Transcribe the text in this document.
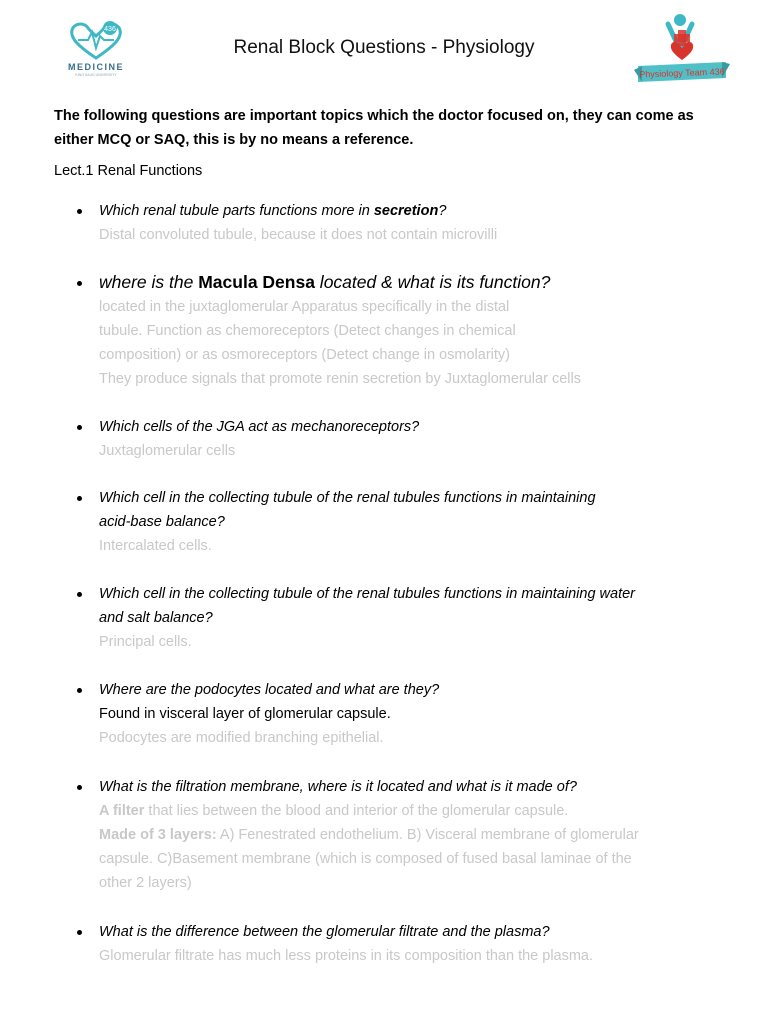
436
MEDICINE
KING SAUD UNIVERSITY
Renal Block Questions - Physiology
Physiology Team 436
The following questions are important topics which the doctor focused on, they can come as either MCQ or SAQ, this is by no means a reference.
Lect.1 Renal Functions
Which renal tubule parts functions more in secretion?
Distal convoluted tubule, because it does not contain microvilli
where is the Macula Densa located & what is its function?
located in the juxtaglomerular Apparatus specifically in the distal
tubule. Function as chemoreceptors (Detect changes in chemical
composition) or as osmoreceptors (Detect change in osmolarity)
They produce signals that promote renin secretion by Juxtaglomerular cells
Which cells of the JGA act as mechanoreceptors?
Juxtaglomerular cells
Which cell in the collecting tubule of the renal tubules functions in maintaining
acid-base balance?
Intercalated cells.
Which cell in the collecting tubule of the renal tubules functions in maintaining water
and salt balance?
Principal cells.
Where are the podocytes located and what are they?
Found in visceral layer of glomerular capsule.
Podocytes are modified branching epithelial.
What is the filtration membrane, where is it located and what is it made of?
A filter that lies between the blood and interior of the glomerular capsule.
Made of 3 layers: A) Fenestrated endothelium. B) Visceral membrane of glomerular
capsule. C)Basement membrane (which is composed of fused basal laminae of the
other 2 layers)
What is the difference between the glomerular filtrate and the plasma?
Glomerular filtrate has much less proteins in its composition than the plasma.
